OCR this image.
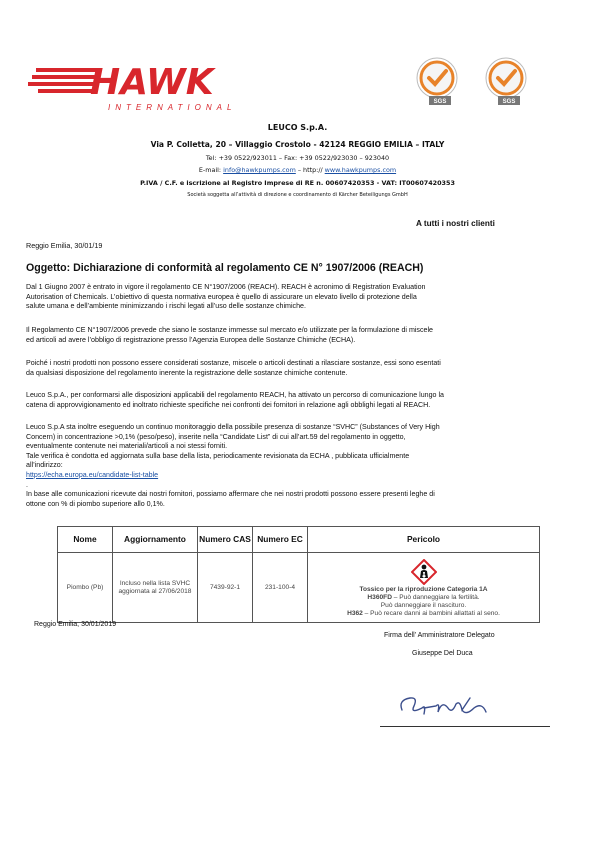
HAWK
INTERNATIONAL
SGS	SGS
LEUCO S.p.A.
Via P. Colletta, 20 – Villaggio Crostolo - 42124 REGGIO EMILIA – ITALY
Tel: +39 0522/923011 – Fax: +39 0522/923030 – 923040
E-mail: info@hawkpumps.com – http:// www.hawkpumps.com
P.IVA / C.F. e iscrizione al Registro Imprese di RE n. 00607420353 - VAT: IT00607420353
Società soggetta all’attività di direzione e coordinamento di Kärcher Beteiligungs GmbH
A tutti i nostri clienti
Reggio Emilia, 30/01/19
Oggetto: Dichiarazione di conformità al regolamento CE N° 1907/2006 (REACH)
Dal 1 Giugno 2007 è entrato in vigore il regolamento CE N°1907/2006 (REACH). REACH è acronimo di Registration Evaluation
Autorisation of Chemicals. L’obiettivo di questa normativa europea è quello di assicurare un elevato livello di protezione della
salute umana e dell’ambiente minimizzando i rischi legati all’uso delle sostanze chimiche.
Il Regolamento CE N°1907/2006 prevede che siano le sostanze immesse sul mercato e/o utilizzate per la formulazione di miscele
ed articoli ad avere l’obbligo di registrazione presso l’Agenzia Europea delle Sostanze Chimiche (ECHA).
Poiché i nostri prodotti non possono essere considerati sostanze, miscele o articoli destinati a rilasciare sostanze, essi sono esentati
da qualsiasi disposizione del regolamento inerente la registrazione delle sostanze chimiche contenute.
Leuco S.p.A., per conformarsi alle disposizioni applicabili del regolamento REACH, ha attivato un percorso di comunicazione lungo la
catena di approvvigionamento ed inoltrato richieste specifiche nei confronti dei fornitori in relazione agli obblighi legati al REACH.
Leuco S.p.A sta inoltre eseguendo un continuo monitoraggio della possibile presenza di sostanze “SVHC” (Substances of Very High
Concern) in concentrazione >0,1% (peso/peso), inserite nella “Candidate List” di cui all’art.59 del regolamento in oggetto,
eventualmente contenute nei materiali/articoli a noi stessi forniti.
Tale verifica è condotta ed aggiornata sulla base della lista, periodicamente revisionata da ECHA , pubblicata ufficialmente
all’indirizzo:
https://echa.europa.eu/candidate-list-table
.
In base alle comunicazioni ricevute dai nostri fornitori, possiamo affermare che nei nostri prodotti possono essere presenti leghe di
ottone con % di piombo superiore allo 0,1%.
Nome	Aggiornamento	Numero CAS	Numero EC	Pericolo
Piombo (Pb)	Incluso nella lista SVHC aggiornata al 27/06/2018	7439-92-1	231-100-4	Tossico per la riproduzione Categoria 1A
H360FD – Può danneggiare la fertilità.
Può danneggiare il nascituro.
H362 – Può recare danni ai bambini allattati al seno.
Reggio Emilia, 30/01/2019
Firma dell’ Amministratore Delegato
Giuseppe Del Duca
